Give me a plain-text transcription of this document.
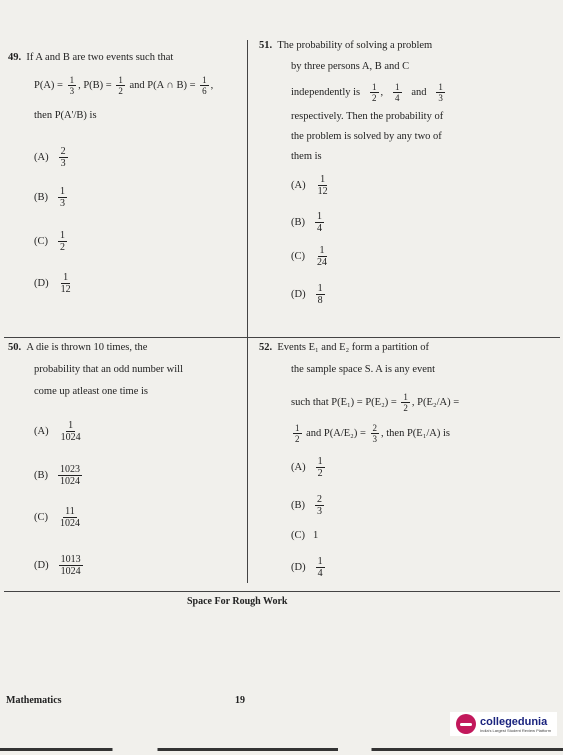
49. If A and B are two events such that
$P(A) = \frac{1}{3}$ , $P(B) = \frac{1}{2}$ and P(A ∩ $B) = \frac{1}{6}$ ,
then P(A'/B) is
$(A) \frac{2}{3}$
$(B) \frac{1}{3}$
$(C) \frac{1}{2}$
$(D) \frac{1}{12}$
51. The probability of solving a problem
by three persons A, B and C
independently is $\frac{1}{2}$ , $\frac{1}{4}$ and $\frac{1}{3}$
respectively. Then the probability of
the problem is solved by any two of
them is
$(A) \frac{1}{12}$
$(B) \frac{1}{4}$
$(C) \frac{1}{24}$
$(D) \frac{1}{8}$
50. A die is thrown 10 times, the
probability that an odd number will
come up atleast one time is
$(A) \frac{1}{1024}$
$(B) \frac{1023}{1024}$
$(C) \frac{11}{1024}$
$(D) \frac{1013}{1024}$
52. Events E₁ and E₂ form a partition of
the sample space S. A is any event
such that $P(E_1) = P(E_2) = \frac{1}{2}$ , P(E₂/A) =
$\frac{1}{2}$ and $P(A/E_2) = \frac{2}{3}$ , then P(E₁/A) is
$(A) \frac{1}{2}$
$(B) \frac{2}{3}$
(C) 1
$(D) \frac{1}{4}$
Space For Rough Work
Mathematics	19
collegedunia
India's Largest Student Review Platform
